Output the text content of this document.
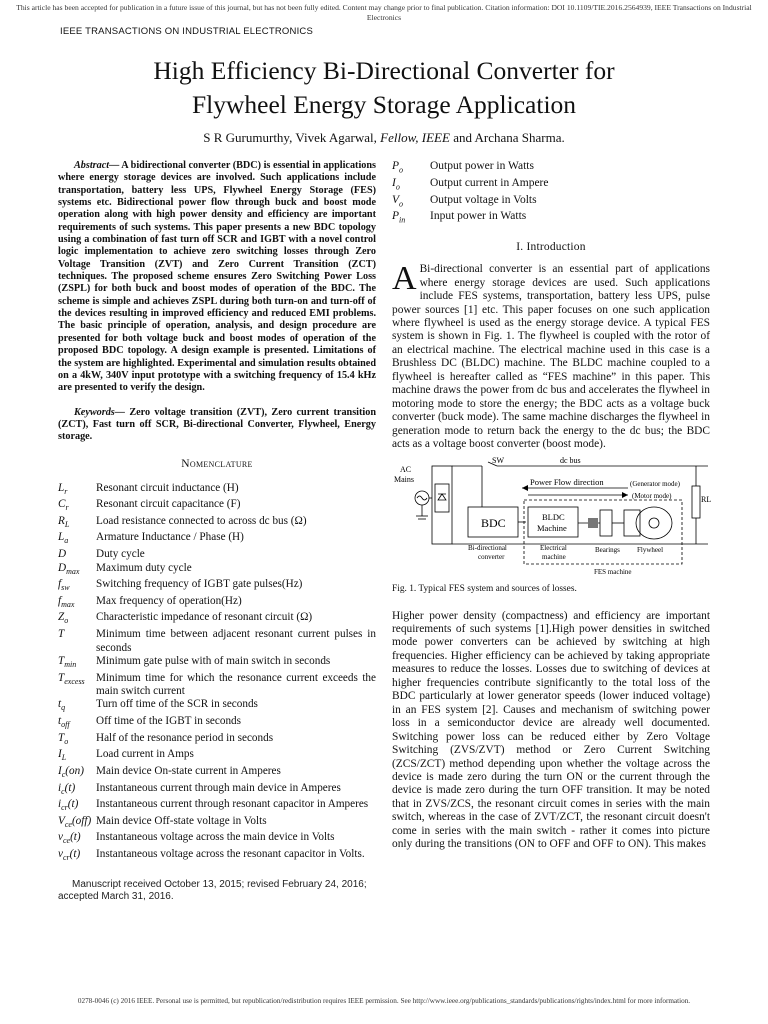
This article has been accepted for publication in a future issue of this journal, but has not been fully edited. Content may change prior to final publication. Citation information: DOI 10.1109/TIE.2016.2564939, IEEE Transactions on Industrial Electronics
IEEE TRANSACTIONS ON INDUSTRIAL ELECTRONICS
High Efficiency Bi-Directional Converter for
Flywheel Energy Storage Application
S R Gurumurthy, Vivek Agarwal, Fellow, IEEE and Archana Sharma.

Abstract— A bidirectional converter (BDC) is essential in applications where energy storage devices are involved. Such applications include transportation, battery less UPS, Flywheel Energy Storage (FES) systems etc. Bidirectional power flow through buck and boost mode operation along with high power density and efficiency are important requirements of such systems. This paper presents a new BDC topology using a combination of fast turn off SCR and IGBT with a novel control logic implementation to achieve zero switching losses through Zero Voltage Transition (ZVT) and Zero Current Transition (ZCT) techniques. The proposed scheme ensures Zero Switching Power Loss (ZSPL) for both buck and boost modes of operation of the BDC. The scheme is simple and achieves ZSPL during both turn-on and turn-off of the devices resulting in improved efficiency and reduced EMI problems. The basic principle of operation, analysis, and design procedure are presented for both voltage buck and boost modes of operation of the proposed BDC topology. A design example is presented. Limitations of the system are highlighted. Experimental and simulation results obtained on a 4kW, 340V input prototype with a switching frequency of 15.4 kHz are presented to verify the design.

Keywords— Zero voltage transition (ZVT), Zero current transition (ZCT), Fast turn off SCR, Bi-directional Converter, Flywheel, Energy storage.

Nomenclature
$L_r$	Resonant circuit inductance (H)
$C_r$	Resonant circuit capacitance (F)
$R_L$	Load resistance connected to across dc bus (Ω)
$L_a$	Armature Inductance / Phase (H)
D	Duty cycle
$D_{max}$	Maximum duty cycle
$f_{sw}$	Switching frequency of IGBT gate pulses(Hz)
$f_{max}$	Max frequency of operation(Hz)
$Z_o$	Characteristic impedance of resonant circuit (Ω)
T	Minimum time between adjacent resonant current pulses in seconds
$T_{min}$	Minimum gate pulse with of main switch in seconds
$T_{excess}$	Minimum time for which the resonance current exceeds the main switch current
$t_q$	Turn off time of the SCR in seconds
$t_{off}$	Off time of the IGBT in seconds
$T_o$	Half of the resonance period in seconds
$I_L$	Load current in Amps
$I_c(on)$	Main device On-state current in Amperes
$i_c(t)$	Instantaneous current through main device in Amperes
$i_{cr}(t)$	Instantaneous current through resonant capacitor in Amperes
$V_{ce}(off)$ Main device Off-state voltage in Volts
$v_{ce}(t)$	Instantaneous voltage across the main device in Volts
$v_{cr}(t)$	Instantaneous voltage across the resonant capacitor in Volts.
Manuscript received October 13, 2015; revised February 24, 2016; accepted March 31, 2016.
$P_o$	Output power in Watts
$I_o$	Output current in Ampere
$V_o$	Output voltage in Volts
$P_{in}$	Input power in Watts
I. Introduction

A Bi-directional converter is an essential part of applications where energy storage devices are used. Such applications include FES systems, transportation, battery less UPS, pulse power sources [1] etc. This paper focuses on one such application where flywheel is used as the energy storage device. A typical FES system is shown in Fig. 1. The flywheel is coupled with the rotor of an electrical machine. The electrical machine used in this case is a Brushless DC (BLDC) machine. The BLDC machine coupled to a flywheel is hereafter called as “FES machine” in this paper. This machine draws the power from dc bus and accelerates the flywheel in motoring mode to store the energy; the BDC acts as a voltage buck converter (buck mode). The same machine discharges the flywheel in generation mode to return back the energy to the dc bus; the BDC acts as a voltage boost converter (boost mode).

SW	dc bus
AC
Mains	Power Flow direction	(Generator mode)
(Motor mode)	RL
BDC	BLDC
Machine
Bi-directional
converter
Electrical
machine
Bearings Flywheel
FES machine
Fig. 1. Typical FES system and sources of losses.

Higher power density (compactness) and efficiency are important requirements of such systems [1].High power densities in switched mode power converters can be achieved by switching at high frequencies. Higher efficiency can be achieved by taking appropriate measures to reduce the losses. Losses due to switching of devices at higher frequencies contribute significantly to the total loss of the BDC particularly at lower generator speeds (lower induced voltage) in an FES system [2]. Causes and mechanism of switching power loss in a semiconductor device are already well documented. Switching power loss can be reduced either by Zero Voltage Switching (ZVS/ZVT) method or Zero Current Switching (ZCS/ZCT) method depending upon whether the voltage across the device is made zero during the turn ON or the current through the device is made zero during the turn OFF transition. It may be noted that in ZVS/ZCS, the resonant circuit comes in series with the main switch, whereas in the case of ZVT/ZCT, the resonant circuit doesn't come in series with the main switch - rather it comes into picture only during the transitions (ON to OFF and OFF to ON). This makes

0278-0046 (c) 2016 IEEE. Personal use is permitted, but republication/redistribution requires IEEE permission. See http://www.ieee.org/publications_standards/publications/rights/index.html for more information.
